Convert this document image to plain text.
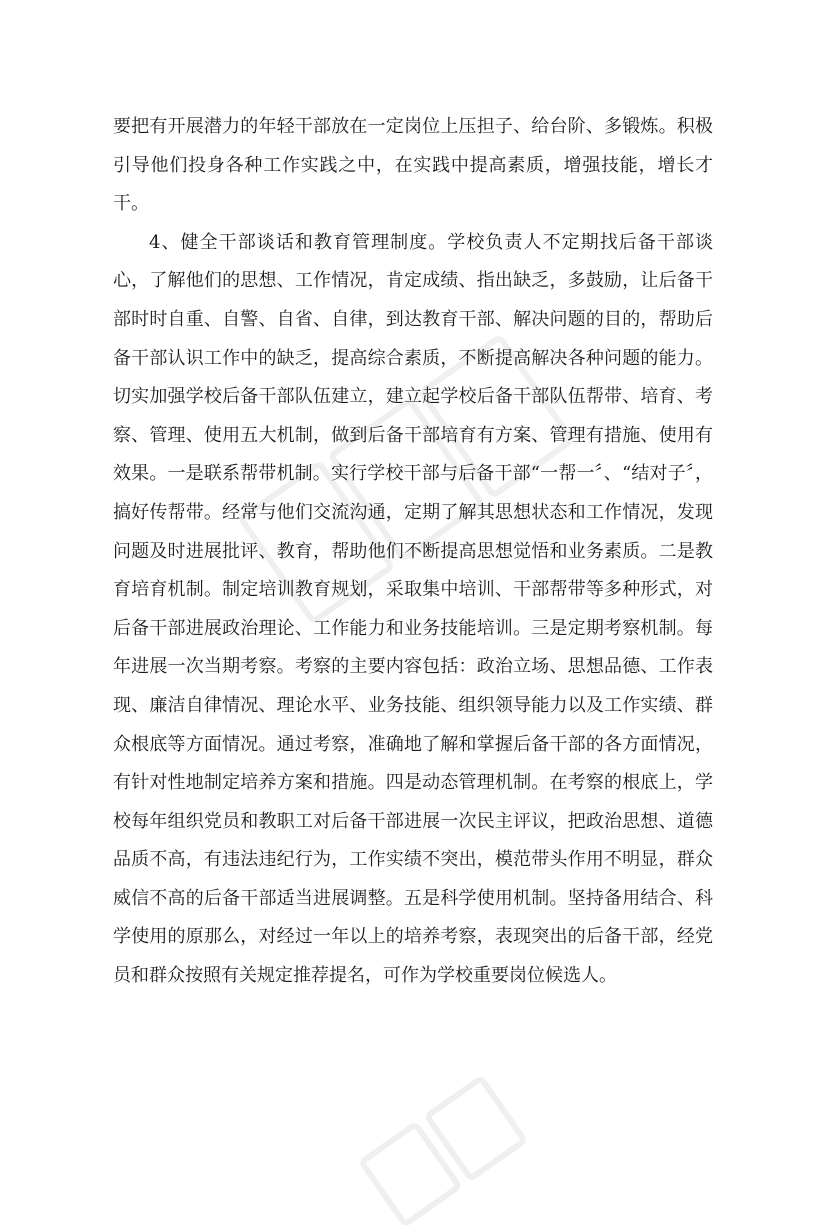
要把有开展潜力的年轻干部放在一定岗位上压担子、给台阶、多锻炼。积极引导他们投身各种工作实践之中，在实践中提高素质，增强技能，增长才干。

4、健全干部谈话和教育管理制度。学校负责人不定期找后备干部谈心，了解他们的思想、工作情况，肯定成绩、指出缺乏，多鼓励，让后备干部时时自重、自警、自省、自律，到达教育干部、解决问题的目的，帮助后备干部认识工作中的缺乏，提高综合素质，不断提高解决各种问题的能力。切实加强学校后备干部队伍建立，建立起学校后备干部队伍帮带、培育、考察、管理、使用五大机制，做到后备干部培育有方案、管理有措施、使用有效果。一是联系帮带机制。实行学校干部与后备干部“一帮一〞、“结对子〞，搞好传帮带。经常与他们交流沟通，定期了解其思想状态和工作情况，发现问题及时进展批评、教育，帮助他们不断提高思想觉悟和业务素质。二是教育培育机制。制定培训教育规划，采取集中培训、干部帮带等多种形式，对后备干部进展政治理论、工作能力和业务技能培训。三是定期考察机制。每年进展一次当期考察。考察的主要内容包括：政治立场、思想品德、工作表现、廉洁自律情况、理论水平、业务技能、组织领导能力以及工作实绩、群众根底等方面情况。通过考察，准确地了解和掌握后备干部的各方面情况，有针对性地制定培养方案和措施。四是动态管理机制。在考察的根底上，学校每年组织党员和教职工对后备干部进展一次民主评议，把政治思想、道德品质不高，有违法违纪行为，工作实绩不突出，模范带头作用不明显，群众威信不高的后备干部适当进展调整。五是科学使用机制。坚持备用结合、科学使用的原那么，对经过一年以上的培养考察，表现突出的后备干部，经党员和群众按照有关规定推荐提名，可作为学校重要岗位候选人。
